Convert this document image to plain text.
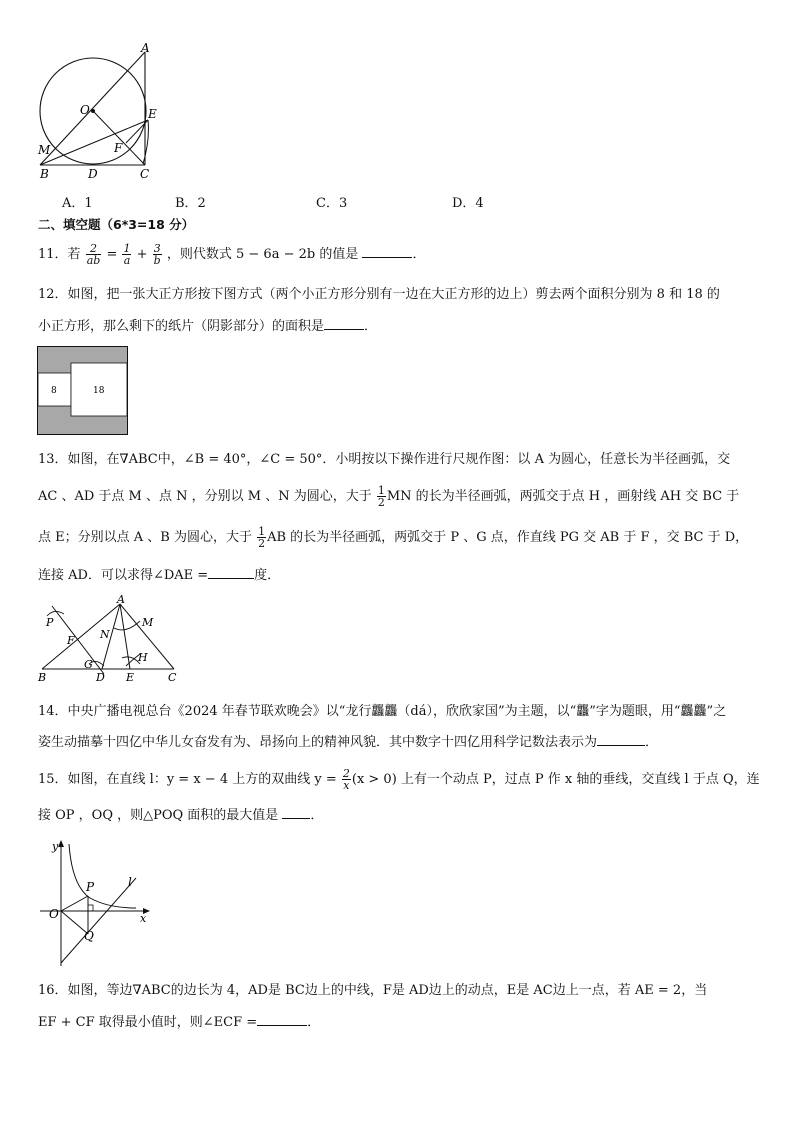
A
O	E
M	F
B	D	C
A．1	B．2	C．3	D．4
二、填空题（6*3=18 分）
11．若 $\frac{2}{ab} = \frac{1}{a} + \frac{3}{b}$ ，则代数式 5 − 6a − 2b 的值是	．
12．如图，把一张大正方形按下图方式（两个小正方形分别有一边在大正方形的边上）剪去两个面积分别为 8 和 18 的
小正方形，那么剩下的纸片（阴影部分）的面积是	．
8	18
13．如图，在∇ABC中，∠B = 40°，∠C = 50°．小明按以下操作进行尺规作图：以 A 为圆心，任意长为半径画弧，交
AC 、AD 于点 M 、点 N ，分别以 M 、N 为圆心，大于 $\frac{1}{2}$ MN 的长为半径画弧，两弧交于点 H ，画射线 AH 交 BC 于
点 E；分别以点 A 、B 为圆心，大于 $\frac{1}{2}$ AB 的长为半径画弧，两弧交于 P 、G 点，作直线 PG 交 AB 于 F ，交 BC 于 D，
连接 AD．可以求得∠DAE =	度．
A
P
F N
M
G
H
B	D E	C
14．中央广播电视总台《2024 年春节联欢晚会》以“龙行龘龘（dá），欣欣家国”为主题，以“龘”字为题眼，用“龘龘”之
姿生动描摹十四亿中华儿女奋发有为、昂扬向上的精神风貌．其中数字十四亿用科学记数法表示为	．
15．如图，在直线 l：y = x − 4 上方的双曲线 $y = \frac{2}{x} (x > 0)$ 上有一个动点 P，过点 P 作 x 轴的垂线，交直线 l 于点 Q，连
接 OP ，OQ ，则△POQ 面积的最大值是 ．
y
P	l
O	x
Q
16．如图，等边∇ABC的边长为 4，AD是 BC边上的中线，F是 AD边上的动点，E是 AC边上一点，若 AE = 2，当
EF + CF 取得最小值时，则∠ECF =	．
